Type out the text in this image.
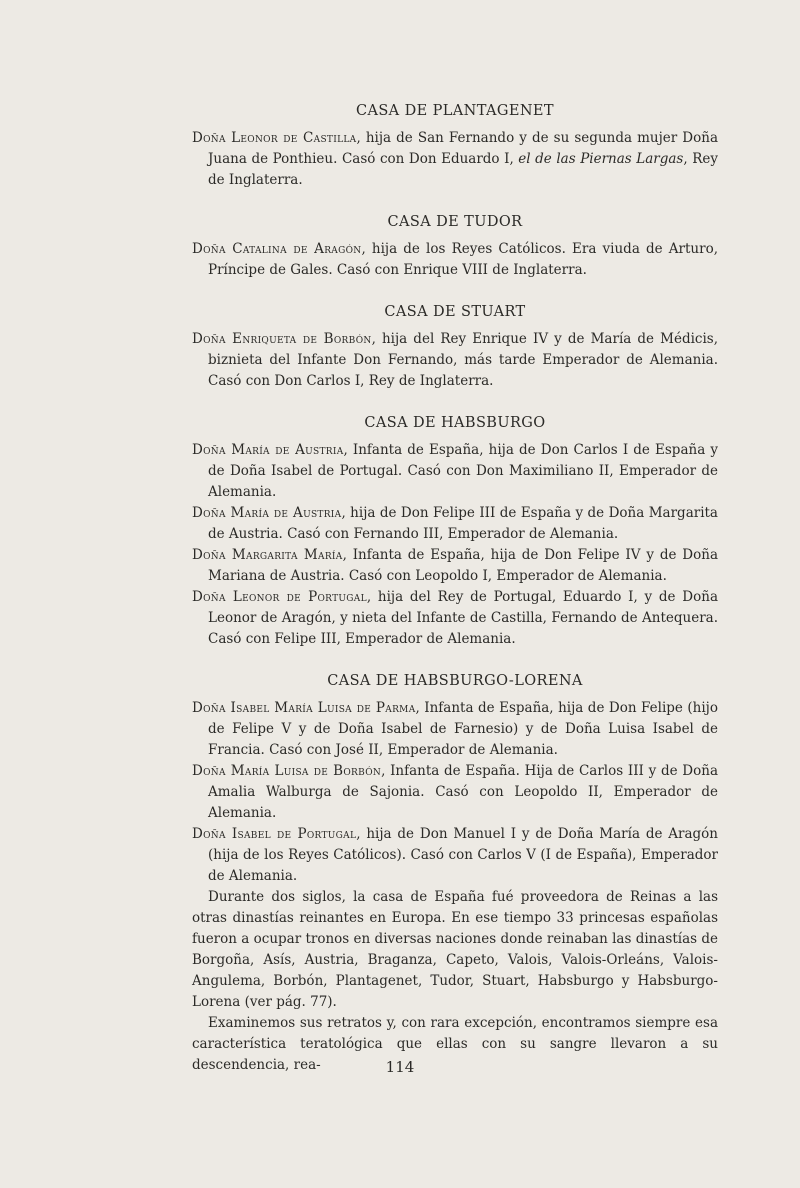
CASA DE PLANTAGENET

Doña Leonor de Castilla, hija de San Fernando y de su segunda mujer Doña Juana de Ponthieu. Casó con Don Eduardo I, el de las Piernas Largas, Rey de Inglaterra.

CASA DE TUDOR

Doña Catalina de Aragón, hija de los Reyes Católicos. Era viuda de Arturo, Príncipe de Gales. Casó con Enrique VIII de Inglaterra.

CASA DE STUART

Doña Enriqueta de Borbón, hija del Rey Enrique IV y de María de Médicis, biznieta del Infante Don Fernando, más tarde Emperador de Alemania. Casó con Don Carlos I, Rey de Inglaterra.

CASA DE HABSBURGO

Doña María de Austria, Infanta de España, hija de Don Carlos I de España y de Doña Isabel de Portugal. Casó con Don Maximiliano II, Emperador de Alemania.

Doña María de Austria, hija de Don Felipe III de España y de Doña Margarita de Austria. Casó con Fernando III, Emperador de Alemania.

Doña Margarita María, Infanta de España, hija de Don Felipe IV y de Doña Mariana de Austria. Casó con Leopoldo I, Emperador de Alemania.

Doña Leonor de Portugal, hija del Rey de Portugal, Eduardo I, y de Doña Leonor de Aragón, y nieta del Infante de Castilla, Fernando de Antequera. Casó con Felipe III, Emperador de Alemania.

CASA DE HABSBURGO-LORENA

Doña Isabel María Luisa de Parma, Infanta de España, hija de Don Felipe (hijo de Felipe V y de Doña Isabel de Farnesio) y de Doña Luisa Isabel de Francia. Casó con José II, Emperador de Alemania.

Doña María Luisa de Borbón, Infanta de España. Hija de Carlos III y de Doña Amalia Walburga de Sajonia. Casó con Leopoldo II, Emperador de Alemania.

Doña Isabel de Portugal, hija de Don Manuel I y de Doña María de Aragón (hija de los Reyes Católicos). Casó con Carlos V (I de España), Emperador de Alemania.

Durante dos siglos, la casa de España fué proveedora de Reinas a las otras dinastías reinantes en Europa. En ese tiempo 33 princesas españolas fueron a ocupar tronos en diversas naciones donde reinaban las dinastías de Borgoña, Asís, Austria, Braganza, Capeto, Valois, Valois-Orleáns, Valois-Angulema, Borbón, Plantagenet, Tudor, Stuart, Habsburgo y Habsburgo-Lorena (ver pág. 77).

Examinemos sus retratos y, con rara excepción, encontramos siempre esa característica teratológica que ellas con su sangre llevaron a su descendencia, rea-	114
